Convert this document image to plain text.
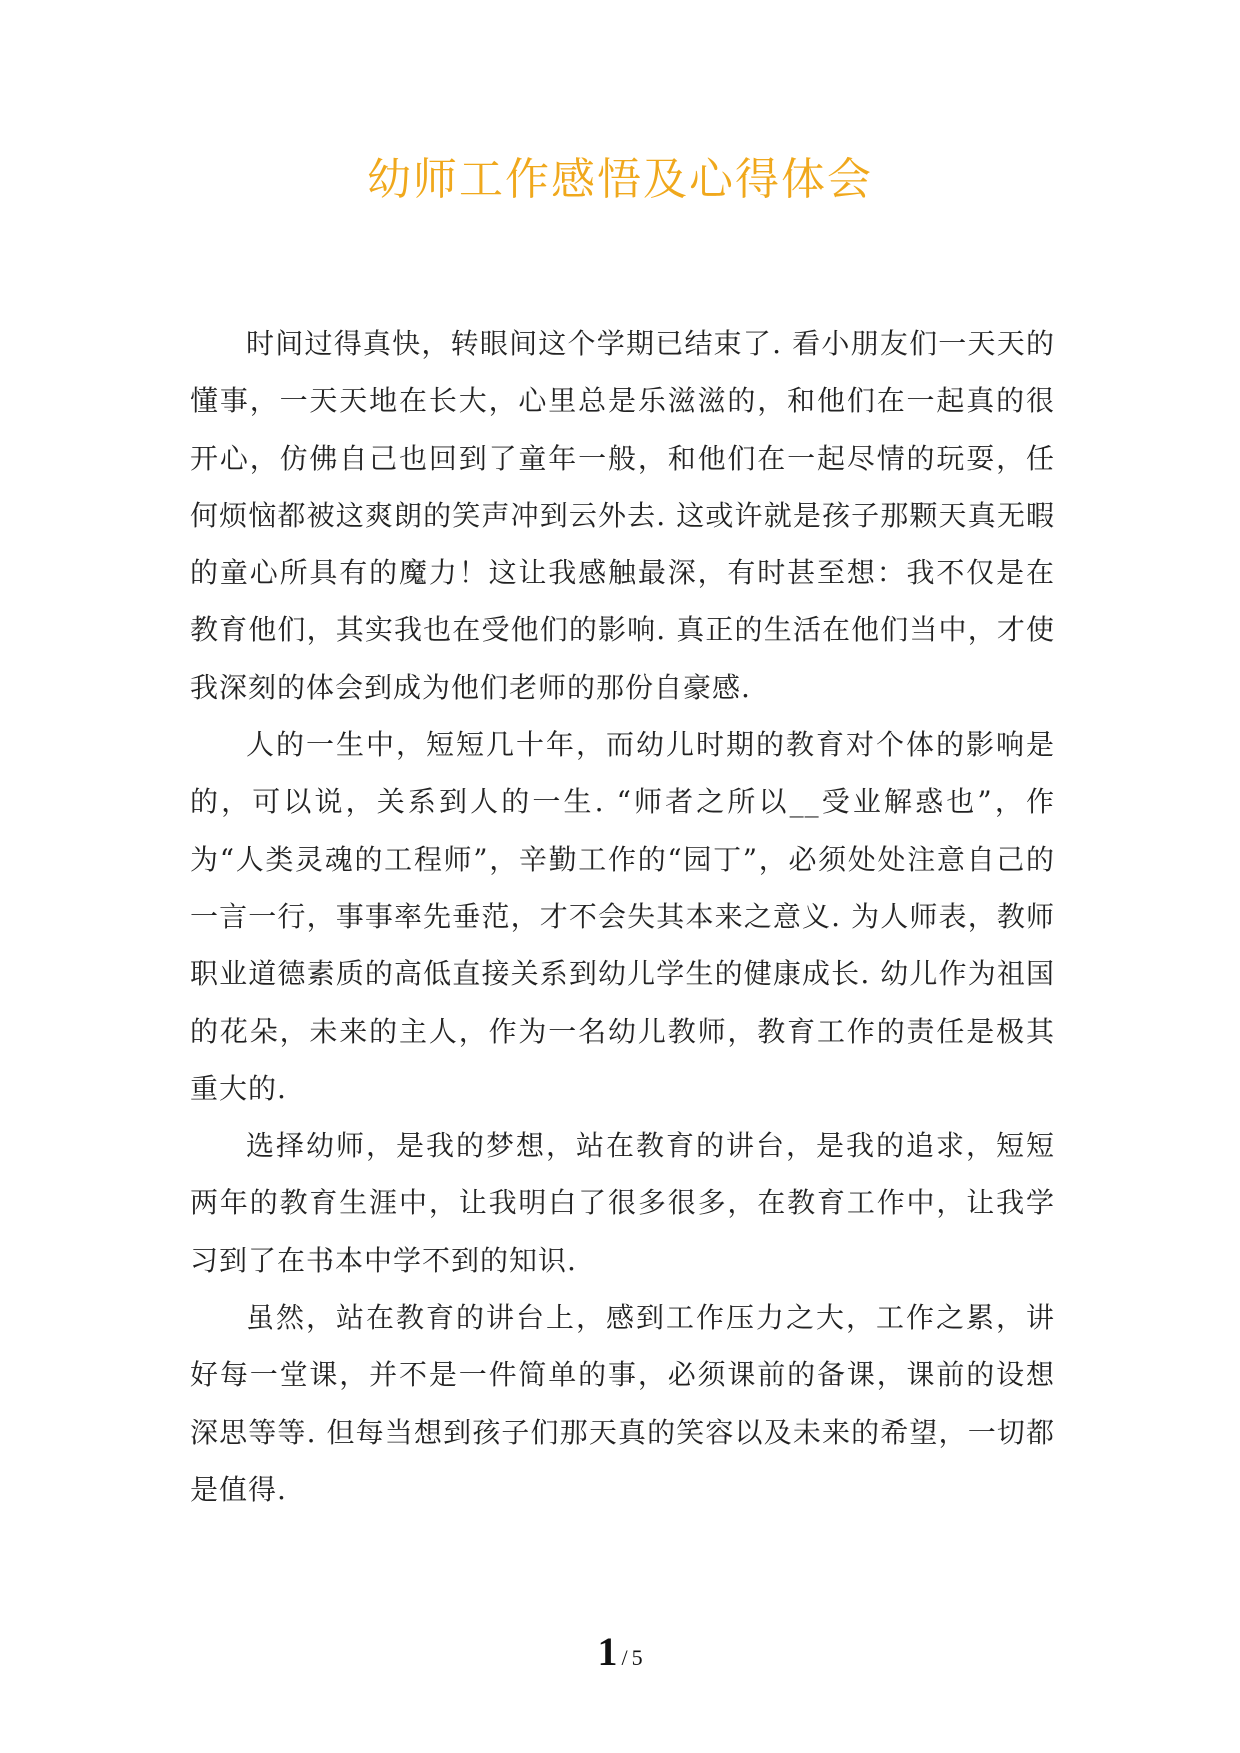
幼师工作感悟及心得体会

时间过得真快，转眼间这个学期已结束了. 看小朋友们一天天的懂事，一天天地在长大，心里总是乐滋滋的，和他们在一起真的很开心，仿佛自己也回到了童年一般，和他们在一起尽情的玩耍，任何烦恼都被这爽朗的笑声冲到云外去. 这或许就是孩子那颗天真无暇的童心所具有的魔力！这让我感触最深，有时甚至想：我不仅是在教育他们，其实我也在受他们的影响. 真正的生活在他们当中，才使我深刻的体会到成为他们老师的那份自豪感.

人的一生中，短短几十年，而幼儿时期的教育对个体的影响是的，可以说，关系到人的一生. “师者之所以__受业解惑也”，作为“人类灵魂的工程师”，辛勤工作的“园丁”，必须处处注意自己的一言一行，事事率先垂范，才不会失其本来之意义. 为人师表，教师职业道德素质的高低直接关系到幼儿学生的健康成长. 幼儿作为祖国的花朵，未来的主人，作为一名幼儿教师，教育工作的责任是极其重大的.

选择幼师，是我的梦想，站在教育的讲台，是我的追求，短短两年的教育生涯中，让我明白了很多很多，在教育工作中，让我学习到了在书本中学不到的知识.

虽然，站在教育的讲台上，感到工作压力之大，工作之累，讲好每一堂课，并不是一件简单的事，必须课前的备课，课前的设想深思等等. 但每当想到孩子们那天真的笑容以及未来的希望，一切都是值得.

1 / 5
